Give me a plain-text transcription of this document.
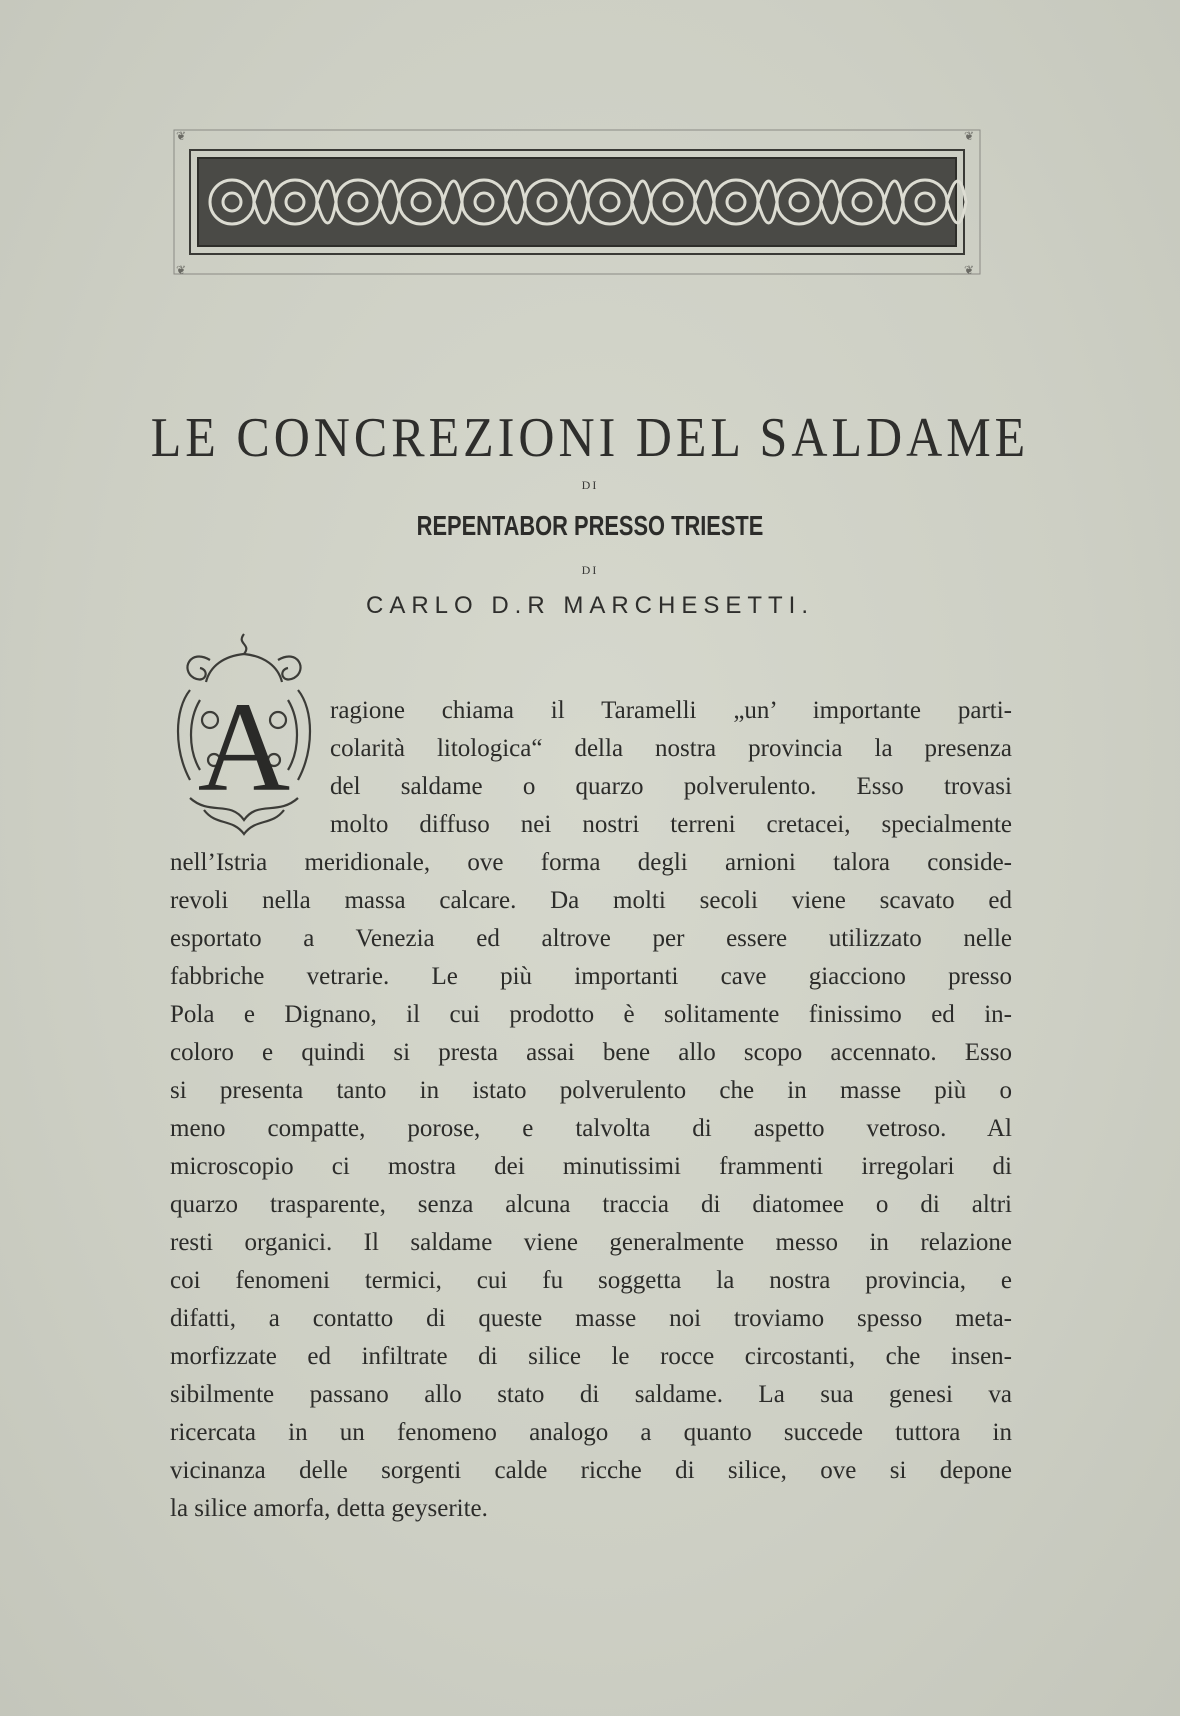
❦	❦
❦	❦
LE CONCREZIONI DEL SALDAME
DI
REPENTABOR PRESSO TRIESTE
DI
CARLO D.R MARCHESETTI.
A ragione chiama il Taramelli „un’ importante parti-
colarità litologica“ della nostra provincia la presenza
del saldame o quarzo polverulento. Esso trovasi
molto diffuso nei nostri terreni cretacei, specialmente
nell’Istria meridionale, ove forma degli arnioni talora conside-
revoli nella massa calcare. Da molti secoli viene scavato ed
esportato a Venezia ed altrove per essere utilizzato nelle
fabbriche vetrarie. Le più importanti cave giacciono presso
Pola e Dignano, il cui prodotto è solitamente finissimo ed in-
coloro e quindi si presta assai bene allo scopo accennato. Esso
si presenta tanto in istato polverulento che in masse più o
meno compatte, porose, e talvolta di aspetto vetroso. Al
microscopio ci mostra dei minutissimi frammenti irregolari di
quarzo trasparente, senza alcuna traccia di diatomee o di altri
resti organici. Il saldame viene generalmente messo in relazione
coi fenomeni termici, cui fu soggetta la nostra provincia, e
difatti, a contatto di queste masse noi troviamo spesso meta-
morfizzate ed infiltrate di silice le rocce circostanti, che insen-
sibilmente passano allo stato di saldame. La sua genesi va
ricercata in un fenomeno analogo a quanto succede tuttora in
vicinanza delle sorgenti calde ricche di silice, ove si depone
la silice amorfa, detta geyserite.
